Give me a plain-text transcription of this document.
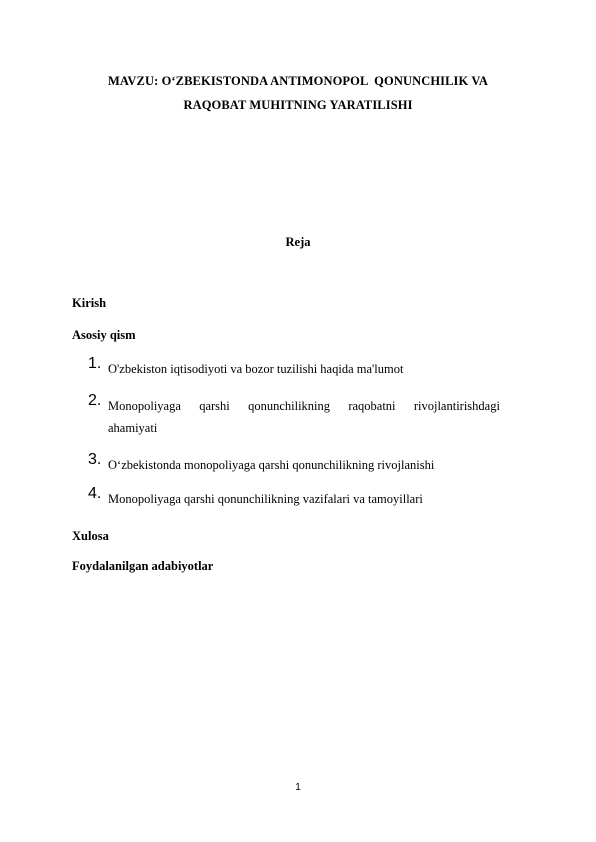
MAVZU: O‘ZBEKISTONDA ANTIMONOPOL  QONUNCHILIK VA
RAQOBAT MUHITNING YARATILISHI
Reja
Kirish
Asosiy qism
1. O'zbekiston iqtisodiyoti va bozor tuzilishi haqida ma'lumot
2. Monopoliyaga qarshi qonunchilikning raqobatni rivojlantirishdagi
ahamiyati
3. O‘zbekistonda monopoliyaga qarshi qonunchilikning rivojlanishi
4. Monopoliyaga qarshi qonunchilikning vazifalari va tamoyillari
Xulosa
Foydalanilgan adabiyotlar
1
